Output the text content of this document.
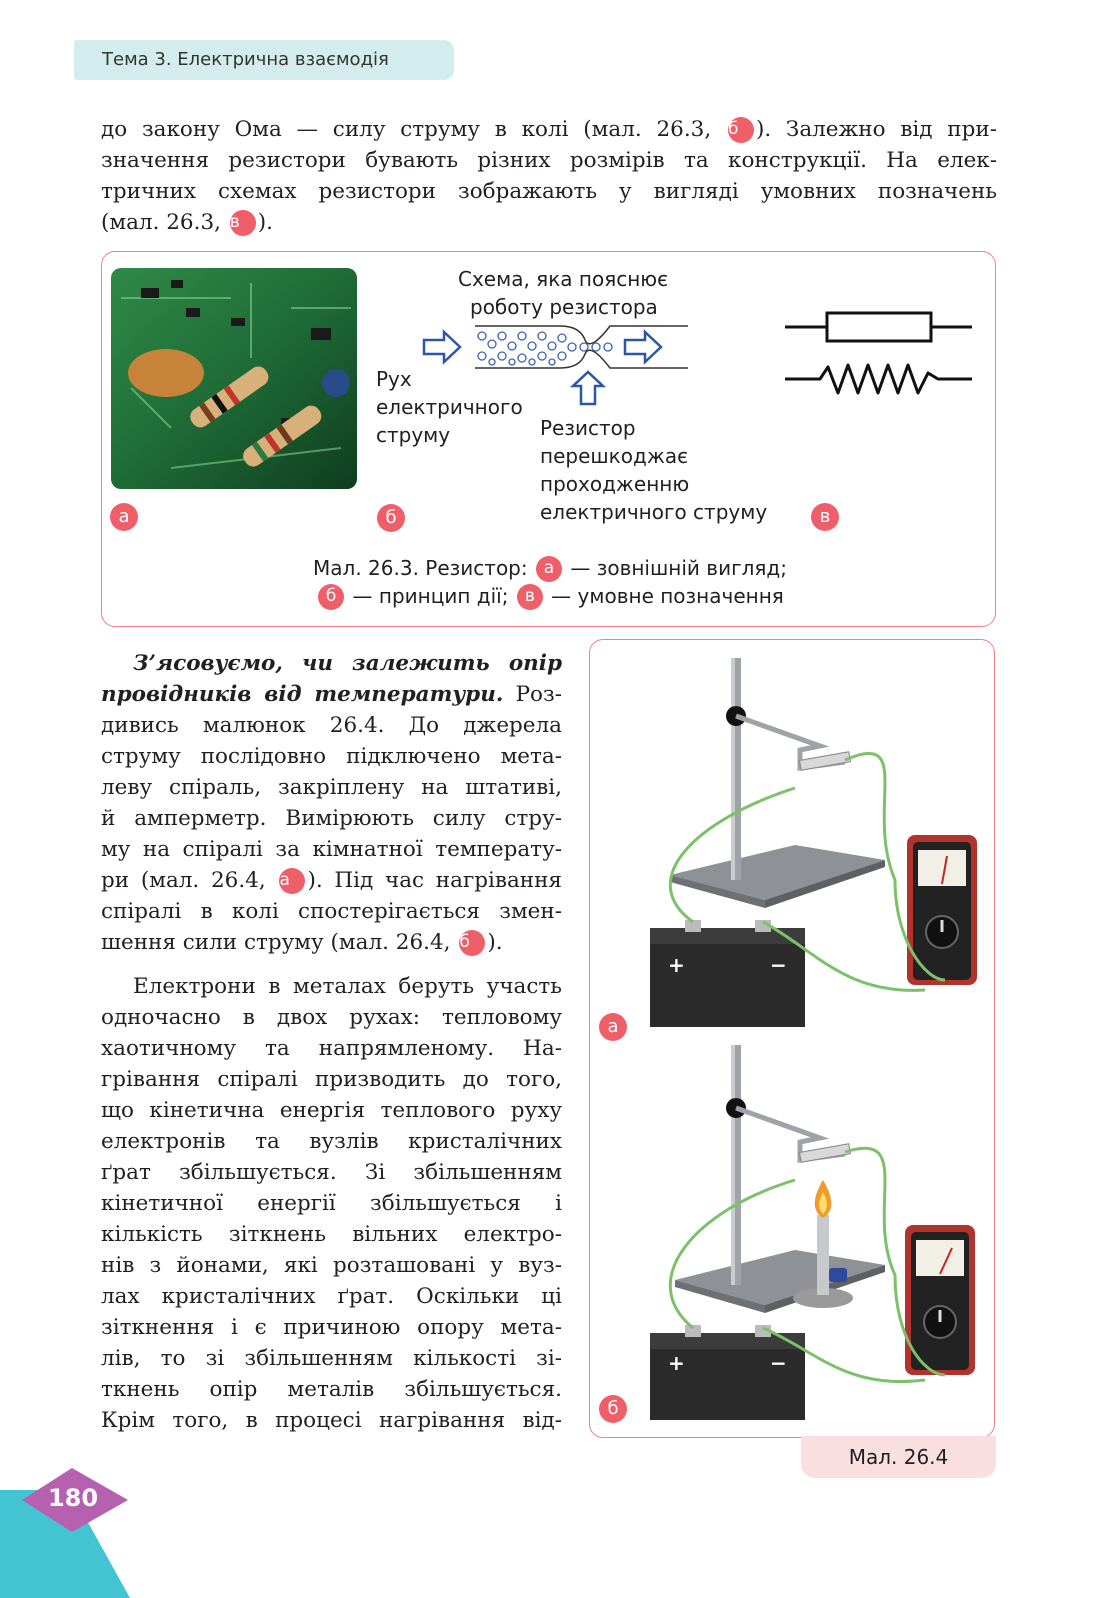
Тема 3. Електрична взаємодія
до закону Ома — силу струму в колі (мал. 26.3, б ). Залежно від при-
значення резистори бувають різних розмірів та конструкції. На елек-
тричних схемах резистори зображають у вигляді умовних позначень
(мал. 26.3, в ).
Схема, яка пояснює
роботу резистора
Рух
електричного
струму	Резистор
перешкоджає
проходженню
електричного струму
а	б	в
Мал. 26.3. Резистор: а — зовнішній вигляд;
б — принцип дії; в — умовне позначення
З’ясовуємо, чи залежить опір
провідників від температури. Роз-
дивись малюнок 26.4. До джерела
струму послідовно підключено мета-
леву спіраль, закріплену на штативі,
й амперметр. Вимірюють силу стру-
му на спіралі за кімнатної температу-
ри (мал. 26.4, а ). Під час нагрівання
спіралі в колі спостерігається змен-
шення сили струму (мал. 26.4, б ).
Електрони в металах беруть участь
одночасно в двох рухах: тепловому
хаотичному та напрямленому. На-
грівання спіралі призводить до того,
що кінетична енергія теплового руху
електронів та вузлів кристалічних
ґрат збільшується. Зі збільшенням
кінетичної енергії збільшується і
кількість зіткнень вільних електро-
нів з йонами, які розташовані у вуз-
лах кристалічних ґрат. Оскільки ці
зіткнення і є причиною опору мета-
лів, то зі збільшенням кількості зі-
ткнень опір металів збільшується.
Крім того, в процесі нагрівання від-
+	−
а
+	−
б
Мал. 26.4
180
